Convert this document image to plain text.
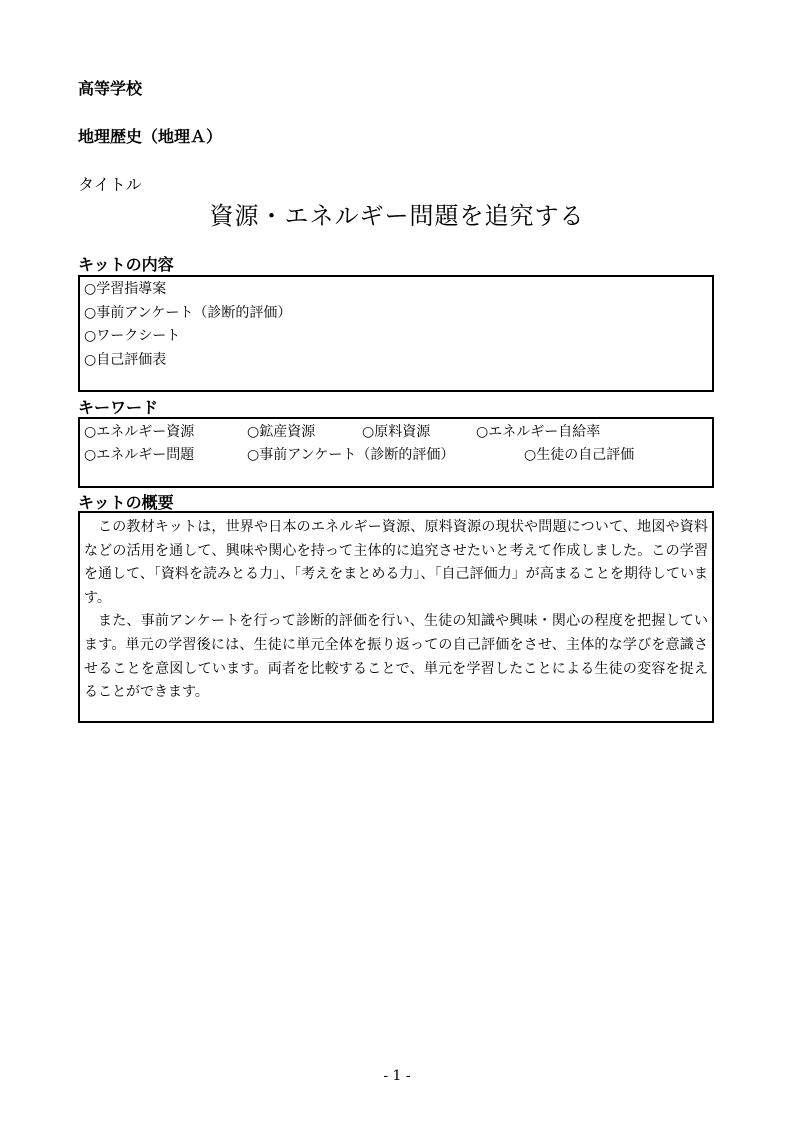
高等学校
地理歴史（地理Ａ）
タイトル
資源・エネルギー問題を追究する
キットの内容
○学習指導案
○事前アンケート（診断的評価）
○ワークシート
○自己評価表
キーワード
○エネルギー資源	○鉱産資源	○原料資源	○エネルギー自給率
○エネルギー問題	○事前アンケート（診断的評価）	○生徒の自己評価
キットの概要

この教材キットは，世界や日本のエネルギー資源、原料資源の現状や問題について、地図や資料などの活用を通して、興味や関心を持って主体的に追究させたいと考えて作成しました。この学習を通して、「資料を読みとる力」、「考えをまとめる力」、「自己評価力」が高まることを期待しています。

また、事前アンケートを行って診断的評価を行い、生徒の知識や興味・関心の程度を把握しています。単元の学習後には、生徒に単元全体を振り返っての自己評価をさせ、主体的な学びを意識させることを意図しています。両者を比較することで、単元を学習したことによる生徒の変容を捉えることができます。

- 1 -
